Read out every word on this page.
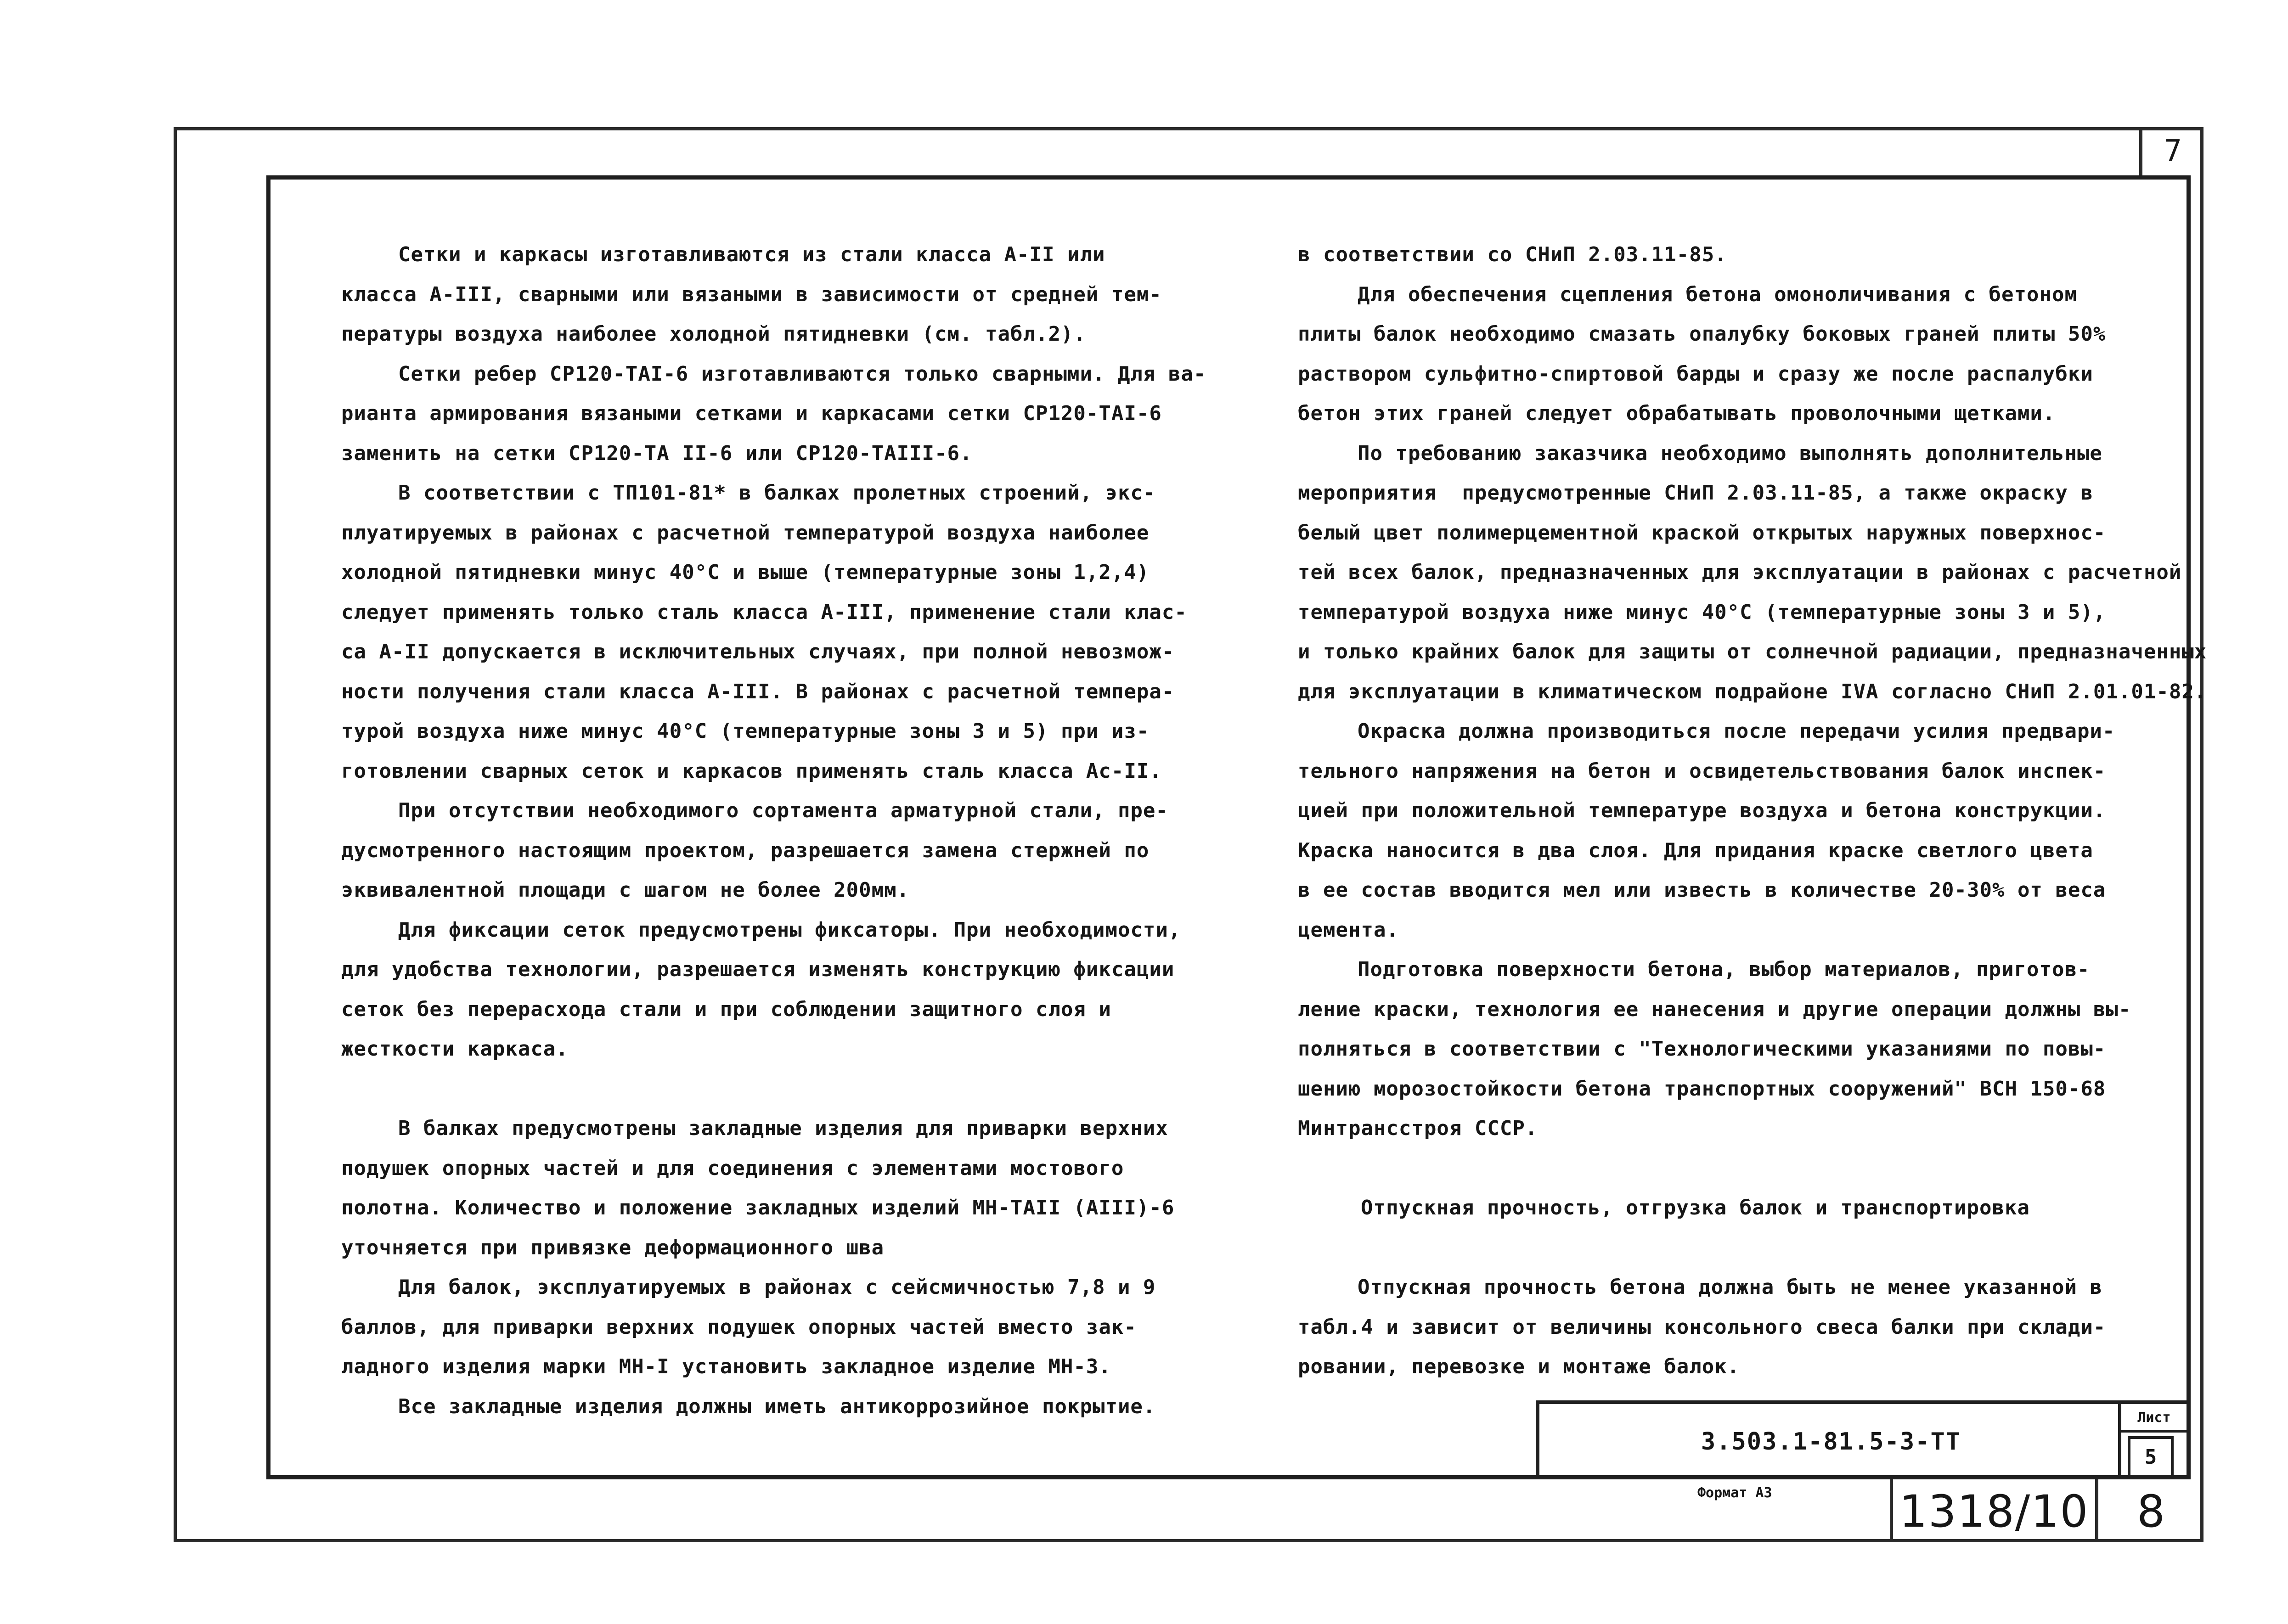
7
Сетки и каркасы изготавливаются из стали класса А-II или
класса А-III, сварными или вязаными в зависимости от средней тем-
пературы воздуха наиболее холодной пятидневки (см. табл.2).
Сетки ребер СР120-ТАI-6 изготавливаются только сварными. Для ва-
рианта армирования вязаными сетками и каркасами сетки СР120-ТАI-6
заменить на сетки СР120-ТА II-6 или СР120-ТАIII-6.
В соответствии с ТП101-81* в балках пролетных строений, экс-
плуатируемых в районах с расчетной температурой воздуха наиболее
холодной пятидневки минус 40°С и выше (температурные зоны 1,2,4)
следует применять только сталь класса А-III, применение стали клас-
са А-II допускается в исключительных случаях, при полной невозмож-
ности получения стали класса А-III. В районах с расчетной темпера-
турой воздуха ниже минус 40°С (температурные зоны 3 и 5) при из-
готовлении сварных сеток и каркасов применять сталь класса Ас-II.
При отсутствии необходимого сортамента арматурной стали, пре-
дусмотренного настоящим проектом, разрешается замена стержней по
эквивалентной площади с шагом не более 200мм.
Для фиксации сеток предусмотрены фиксаторы. При необходимости,
для удобства технологии, разрешается изменять конструкцию фиксации
сеток без перерасхода стали и при соблюдении защитного слоя и
жесткости каркаса.
В балках предусмотрены закладные изделия для приварки верхних
подушек опорных частей и для соединения с элементами мостового
полотна. Количество и положение закладных изделий МН-ТАII (АIII)-6
уточняется при привязке деформационного шва
Для балок, эксплуатируемых в районах с сейсмичностью 7,8 и 9
баллов, для приварки верхних подушек опорных частей вместо зак-
ладного изделия марки МН-I установить закладное изделие МН-3.
Все закладные изделия должны иметь антикоррозийное покрытие.
в соответствии со СНиП 2.03.11-85.
Для обеспечения сцепления бетона омоноличивания с бетоном
плиты балок необходимо смазать опалубку боковых граней плиты 50%
раствором сульфитно-спиртовой барды и сразу же после распалубки
бетон этих граней следует обрабатывать проволочными щетками.
По требованию заказчика необходимо выполнять дополнительные
мероприятия  предусмотренные СНиП 2.03.11-85, а также окраску в
белый цвет полимерцементной краской открытых наружных поверхнос-
тей всех балок, предназначенных для эксплуатации в районах с расчетной
температурой воздуха ниже минус 40°С (температурные зоны 3 и 5),
и только крайних балок для защиты от солнечной радиации, предназначенных
для эксплуатации в климатическом подрайоне IVА согласно СНиП 2.01.01-82.
Окраска должна производиться после передачи усилия предвари-
тельного напряжения на бетон и освидетельствования балок инспек-
цией при положительной температуре воздуха и бетона конструкции.
Краска наносится в два слоя. Для придания краске светлого цвета
в ее состав вводится мел или известь в количестве 20-30% от веса
цемента.
Подготовка поверхности бетона, выбор материалов, приготов-
ление краски, технология ее нанесения и другие операции должны вы-
полняться в соответствии с "Технологическими указаниями по повы-
шению морозостойкости бетона транспортных сооружений" ВСН 150-68
Минтрансстроя СССР.
Отпускная прочность, отгрузка балок и транспортировка
Отпускная прочность бетона должна быть не менее указанной в
табл.4 и зависит от величины консольного свеса балки при склади-
ровании, перевозке и монтаже балок.
3.503.1-81.5-3-ТТ
Лист
5
Формат А3	1318/10	8
